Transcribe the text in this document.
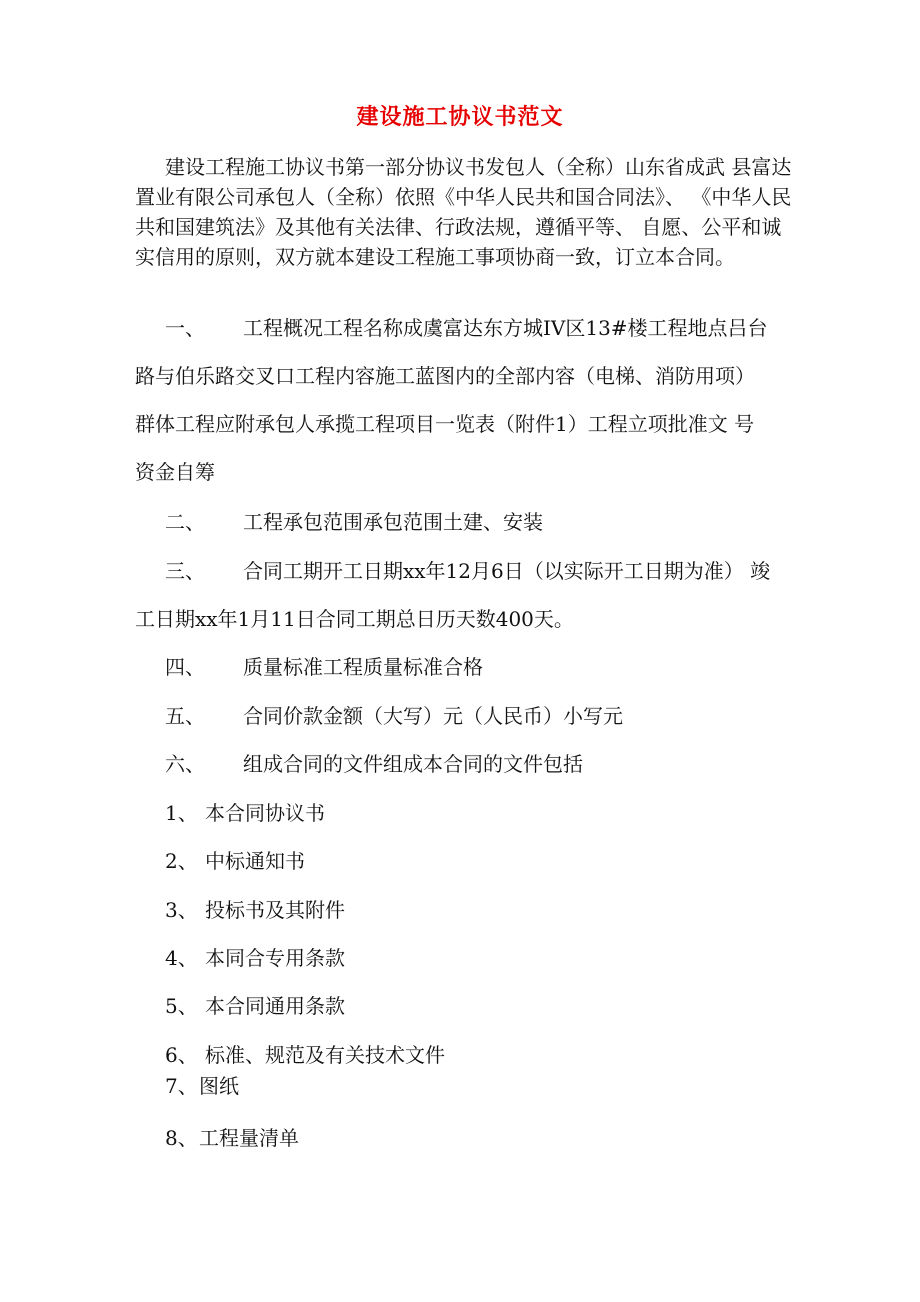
建设施工协议书范文

建设工程施工协议书第一部分协议书发包人（全称）山东省成武 县富达置业有限公司承包人（全称）依照《中华人民共和国合同法》、 《中华人民共和国建筑法》及其他有关法律、行政法规，遵循平等、 自愿、公平和诚实信用的原则，双方就本建设工程施工事项协商一致，订立本合同。

一、 工程概况工程名称成虞富达东方城IV区13#楼工程地点吕台

路与伯乐路交叉口工程内容施工蓝图内的全部内容（电梯、消防用项）

群体工程应附承包人承揽工程项目一览表（附件1）工程立项批准文 号

资金自筹

二、 工程承包范围承包范围土建、安装

三、 合同工期开工日期xx年12月6日（以实际开工日期为准） 竣

工日期xx年1月11日合同工期总日历天数400天。

四、 质量标准工程质量标准合格

五、 合同价款金额（大写）元（人民币）小写元

六、 组成合同的文件组成本合同的文件包括

1、 本合同协议书

2、 中标通知书

3、 投标书及其附件

4、 本同合专用条款

5、 本合同通用条款

6、 标准、规范及有关技术文件

7、图纸

8、工程量清单
